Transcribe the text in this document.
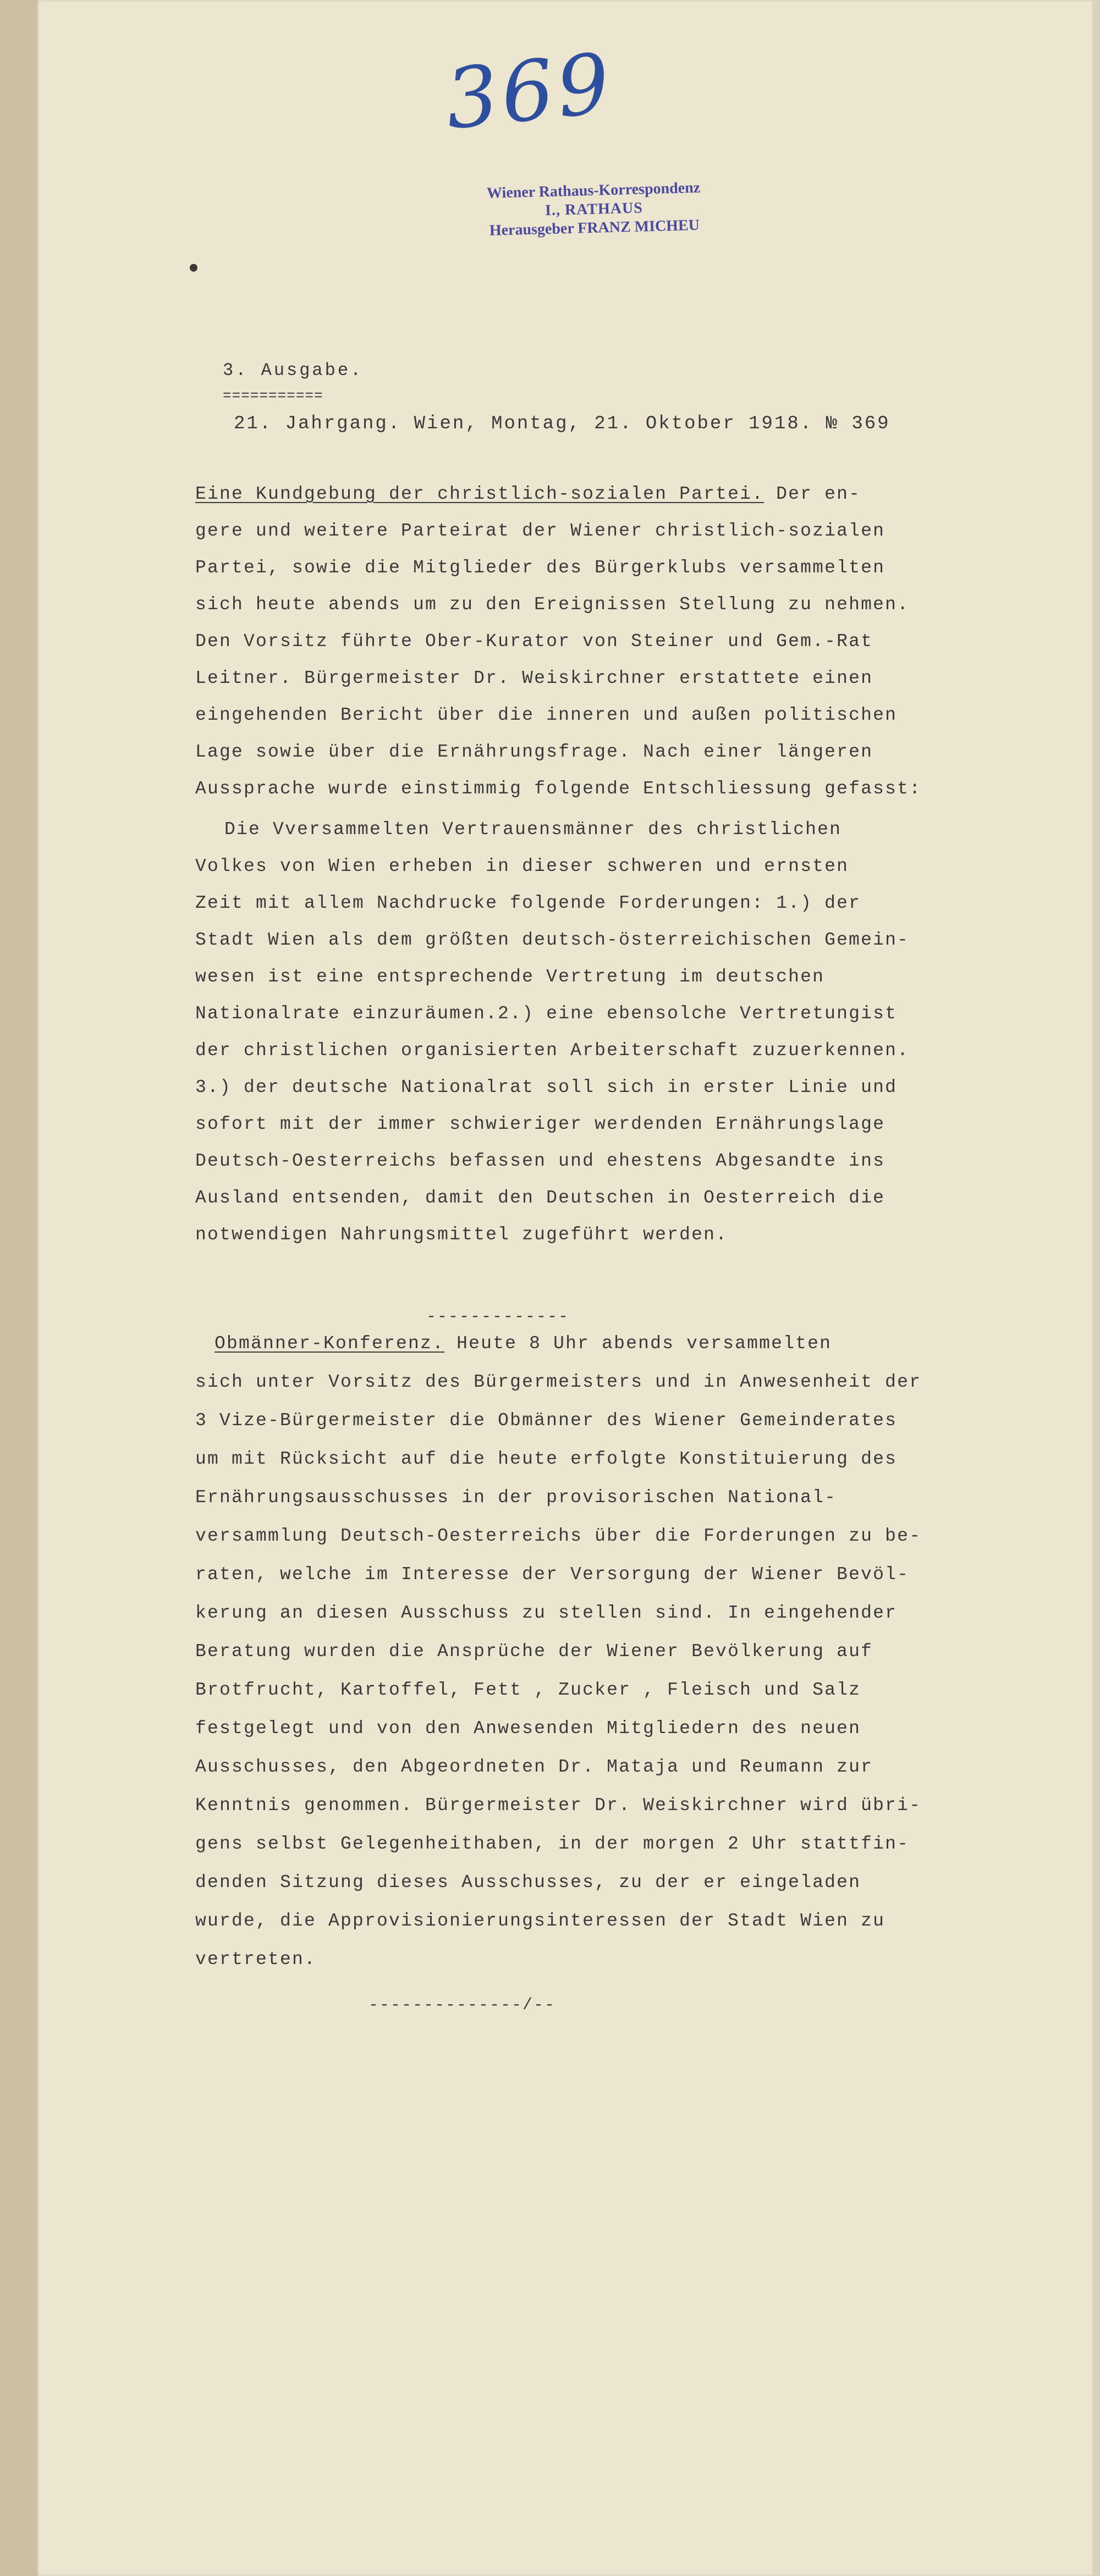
369
Wiener Rathaus-Korrespondenz
I., RATHAUS
Herausgeber FRANZ MICHEU
3. Ausgabe.
===========
21. Jahrgang. Wien, Montag, 21. Oktober 1918. № 369
Eine Kundgebung der christlich-sozialen Partei. Der en-
gere und weitere Parteirat der Wiener christlich-sozialen
Partei, sowie die Mitglieder des Bürgerklubs versammelten
sich heute abends um zu den Ereignissen Stellung zu nehmen.
Den Vorsitz führte Ober-Kurator von Steiner und Gem.-Rat
Leitner. Bürgermeister Dr. Weiskirchner erstattete einen
eingehenden Bericht über die inneren und außen politischen
Lage sowie über die Ernährungsfrage. Nach einer längeren
Aussprache wurde einstimmig folgende Entschliessung gefasst:
Die Vversammelten Vertrauensmänner des christlichen
Volkes von Wien erheben in dieser schweren und ernsten
Zeit mit allem Nachdrucke folgende Forderungen: 1.) der
Stadt Wien als dem größten deutsch-österreichischen Gemein-
wesen ist eine entsprechende Vertretung im deutschen
Nationalrate einzuräumen.2.) eine ebensolche Vertretungist
der christlichen organisierten Arbeiterschaft zuzuerkennen.
3.) der deutsche Nationalrat soll sich in erster Linie und
sofort mit der immer schwieriger werdenden Ernährungslage
Deutsch-Oesterreichs befassen und ehestens Abgesandte ins
Ausland entsenden, damit den Deutschen in Oesterreich die
notwendigen Nahrungsmittel zugeführt werden.
-------------
Obmänner-Konferenz. Heute 8 Uhr abends versammelten
sich unter Vorsitz des Bürgermeisters und in Anwesenheit der
3 Vize-Bürgermeister die Obmänner des Wiener Gemeinderates
um mit Rücksicht auf die heute erfolgte Konstituierung des
Ernährungsausschusses in der provisorischen National-
versammlung Deutsch-Oesterreichs über die Forderungen zu be-
raten, welche im Interesse der Versorgung der Wiener Bevöl-
kerung an diesen Ausschuss zu stellen sind. In eingehender
Beratung wurden die Ansprüche der Wiener Bevölkerung auf
Brotfrucht, Kartoffel, Fett , Zucker , Fleisch und Salz
festgelegt und von den Anwesenden Mitgliedern des neuen
Ausschusses, den Abgeordneten Dr. Mataja und Reumann zur
Kenntnis genommen. Bürgermeister Dr. Weiskirchner wird übri-
gens selbst Gelegenheithaben, in der morgen 2 Uhr stattfin-
denden Sitzung dieses Ausschusses, zu der er eingeladen
wurde, die Approvisionierungsinteressen der Stadt Wien zu
vertreten.
--------------/--
